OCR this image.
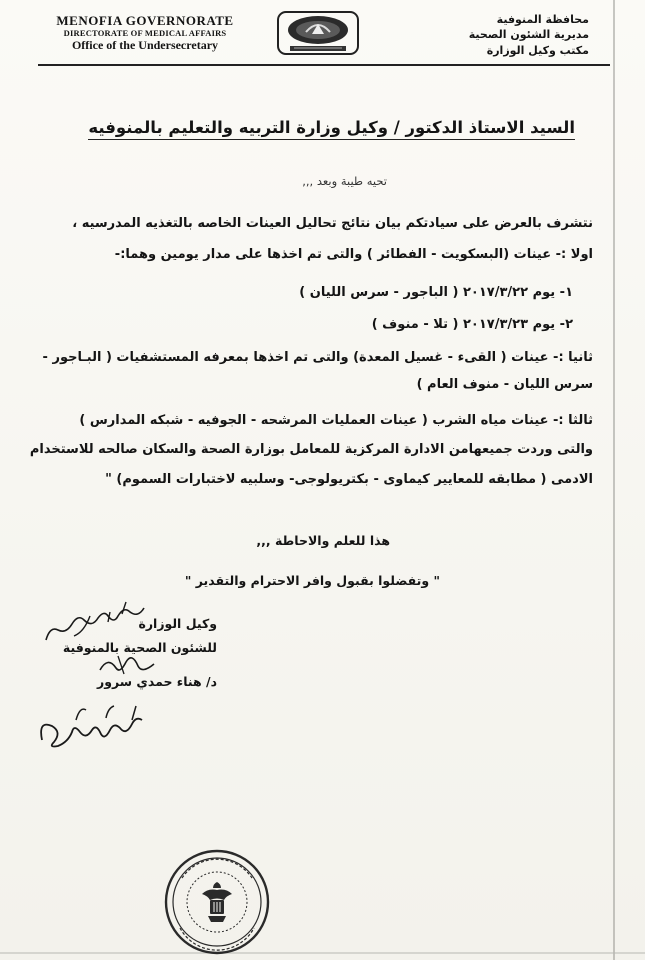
MENOFIA GOVERNORATE
DIRECTORATE OF MEDICAL AFFAIRS
Office of the Undersecretary
محافظة المنوفية
مديرية الشئون الصحية
مكتب وكيل الوزارة
السيد الاستاذ الدكتور / وكيل وزارة التربيه والتعليم بالمنوفيه
تحيه طيبة وبعد ,,,
نتشرف بالعرض على سيادتكم بيان نتائج تحاليل العينات الخاصه بالتغذيه المدرسيه ،
اولا :- عينات (البسكويت - الفطائر ) والتى تم اخذها على مدار يومين وهما:-
١- يوم ٢٠١٧/٣/٢٢ ( الباجور - سرس الليان )
٢- يوم ٢٠١٧/٣/٢٣ ( تلا - منوف )
ثانيا :- عينات ( القىء - غسيل المعدة) والتى تم اخذها بمعرفه المستشفيات ( البـاجور -
سرس الليان - منوف العام )
ثالثا :- عينات مياه الشرب ( عينات العمليات المرشحه - الجوفيه - شبكه المدارس )
والتى وردت جميعهامن الادارة المركزية للمعامل بوزارة الصحة والسكان صالحه للاستخدام
الادمى ( مطابقه للمعايير كيماوى - بكتريولوجى- وسلبيه لاختبارات السموم) "
هذا للعلم والاحاطة ,,,
" وتفضلوا بقبول وافر الاحترام والتقدير "
وكيل الوزارة
للشئون الصحية بالمنوفية
د/ هناء حمدي سرور
